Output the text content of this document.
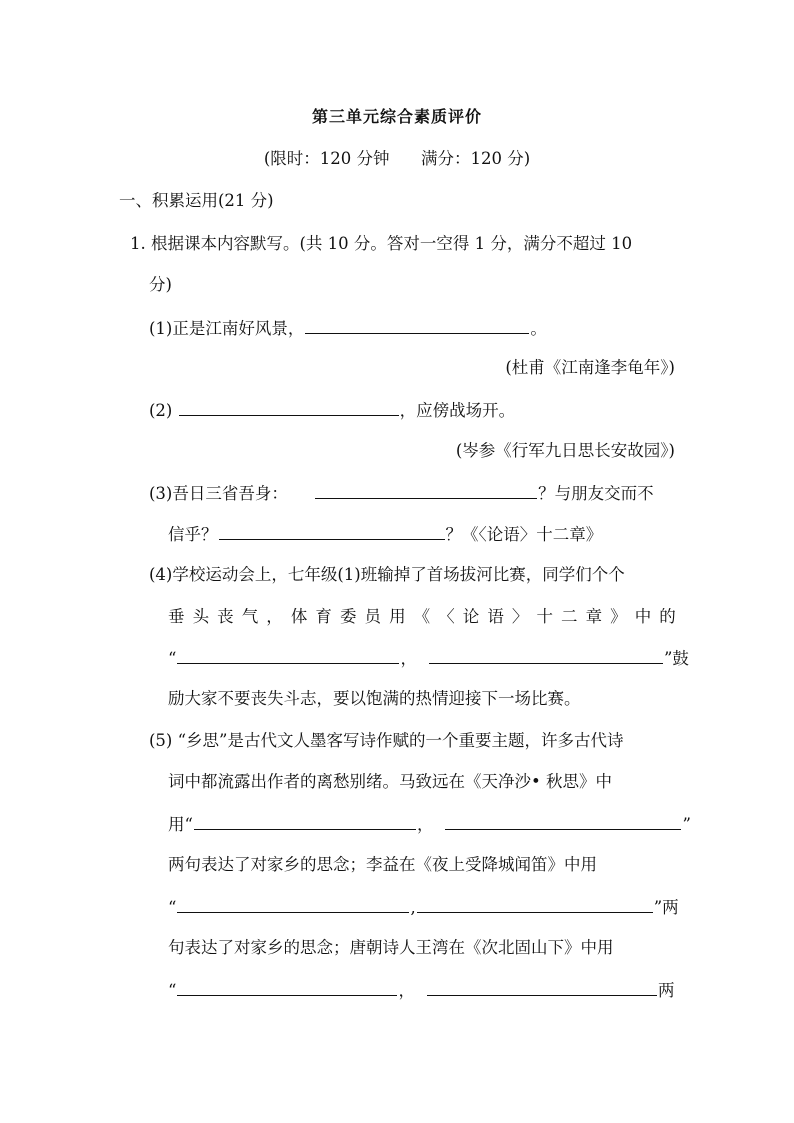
第三单元综合素质评价
(限时：120 分钟      满分：120 分)
一、积累运用(21 分)
1. 根据课本内容默写。(共 10 分。答对一空得 1 分，满分不超过 10
分)
(1)正是江南好风景，	。
(杜甫《江南逢李龟年》)
(2)	，应傍战场开。
(岑参《行军九日思长安故园》)
(3)吾日三省吾身：	？与朋友交而不
信乎？	？《〈论语〉十二章》
(4)学校运动会上，七年级(1)班输掉了首场拔河比赛，同学们个个
垂 头 丧 气 ， 体 育 委 员 用 《 〈 论 语 〉 十 二 章 》 中 的
“	，	”鼓
励大家不要丧失斗志，要以饱满的热情迎接下一场比赛。
(5) “乡思”是古代文人墨客写诗作赋的一个重要主题，许多古代诗
词中都流露出作者的离愁别绪。马致远在《天净沙• 秋思》中
用“	，	”
两句表达了对家乡的思念；李益在《夜上受降城闻笛》中用
“	,	”两
句表达了对家乡的思念；唐朝诗人王湾在《次北固山下》中用
“	，	两
